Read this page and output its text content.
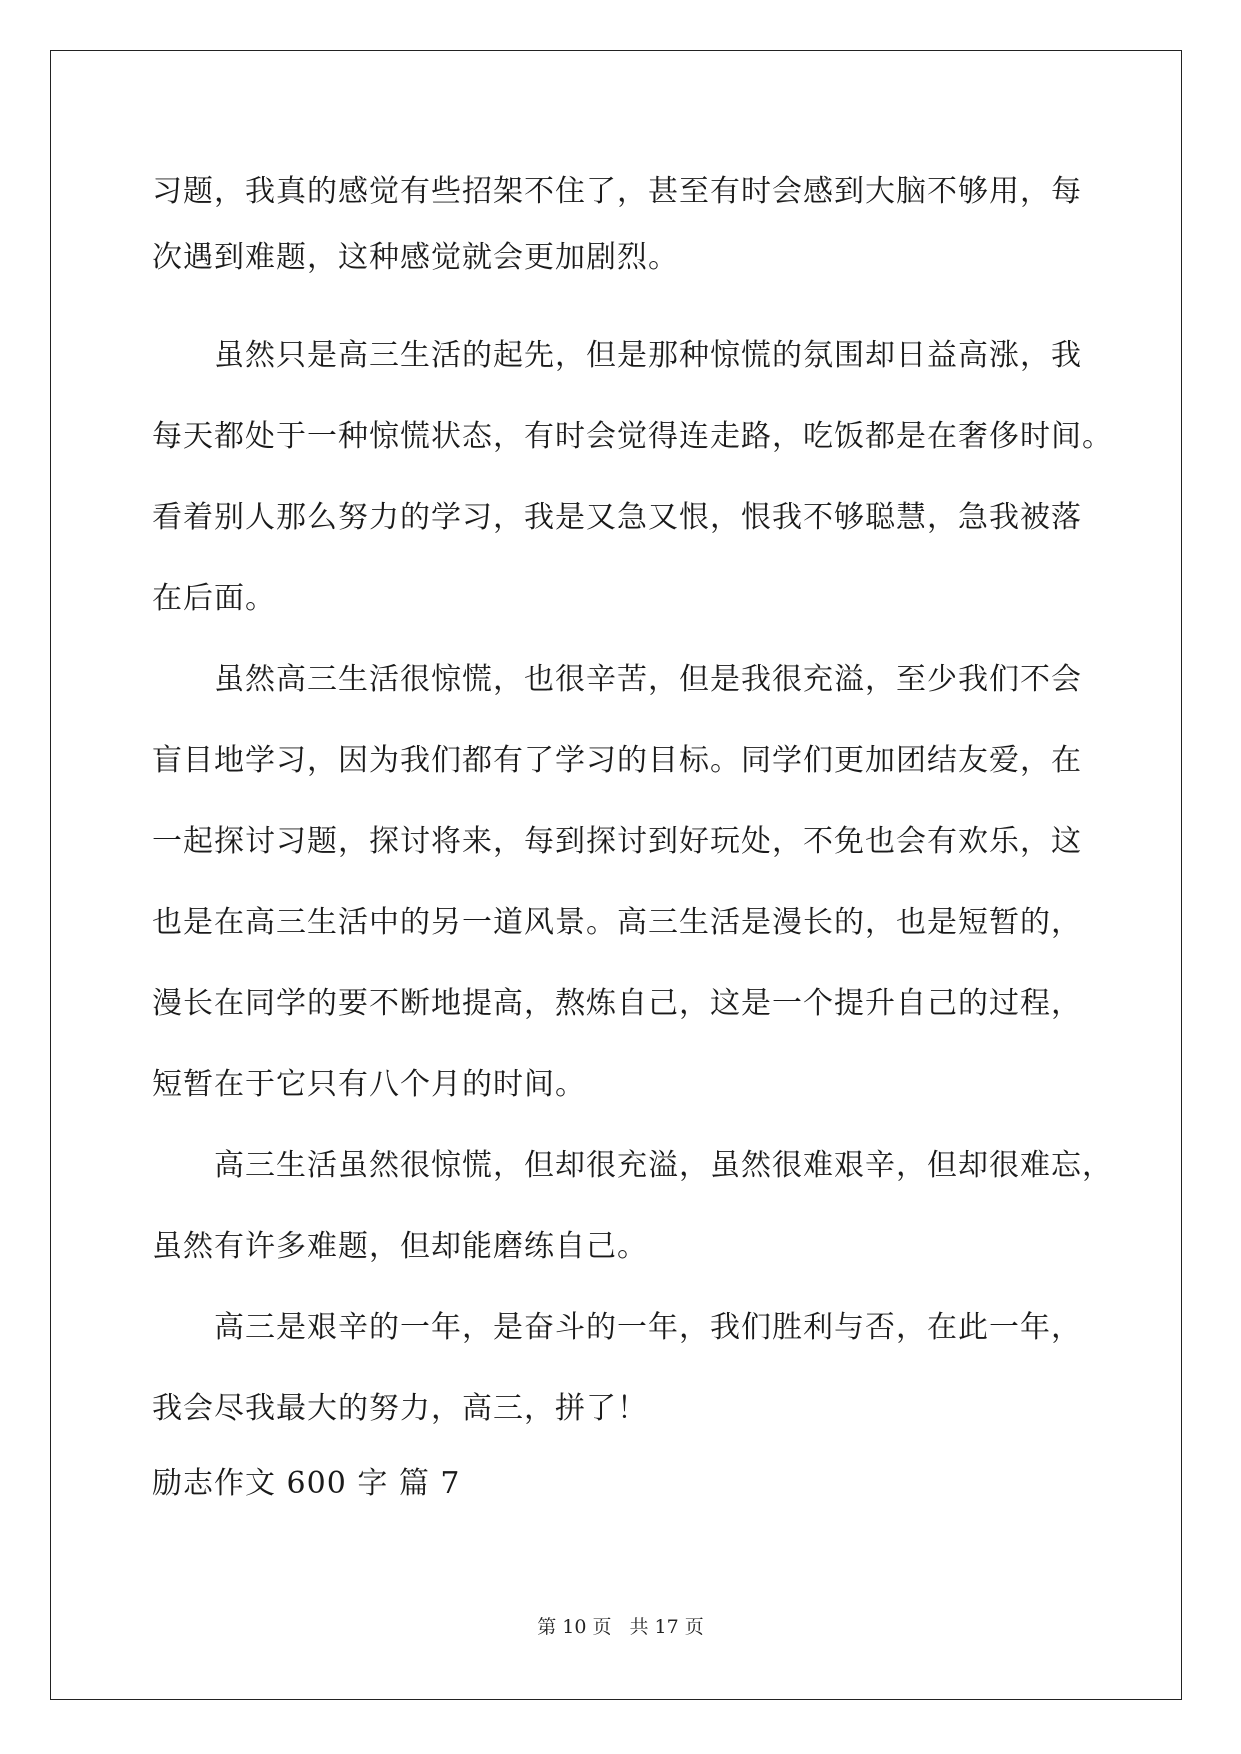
习题，我真的感觉有些招架不住了，甚至有时会感到大脑不够用，每
次遇到难题，这种感觉就会更加剧烈。
虽然只是高三生活的起先，但是那种惊慌的氛围却日益高涨，我
每天都处于一种惊慌状态，有时会觉得连走路，吃饭都是在奢侈时间。
看着别人那么努力的学习，我是又急又恨，恨我不够聪慧，急我被落
在后面。
虽然高三生活很惊慌，也很辛苦，但是我很充溢，至少我们不会
盲目地学习，因为我们都有了学习的目标。同学们更加团结友爱，在
一起探讨习题，探讨将来，每到探讨到好玩处，不免也会有欢乐，这
也是在高三生活中的另一道风景。高三生活是漫长的，也是短暂的，
漫长在同学的要不断地提高，熬炼自己，这是一个提升自己的过程，
短暂在于它只有八个月的时间。
高三生活虽然很惊慌，但却很充溢，虽然很难艰辛，但却很难忘，
虽然有许多难题，但却能磨练自己。
高三是艰辛的一年，是奋斗的一年，我们胜利与否，在此一年，
我会尽我最大的努力，高三，拼了！
励志作文 600 字 篇 7
第 10 页 共 17 页
